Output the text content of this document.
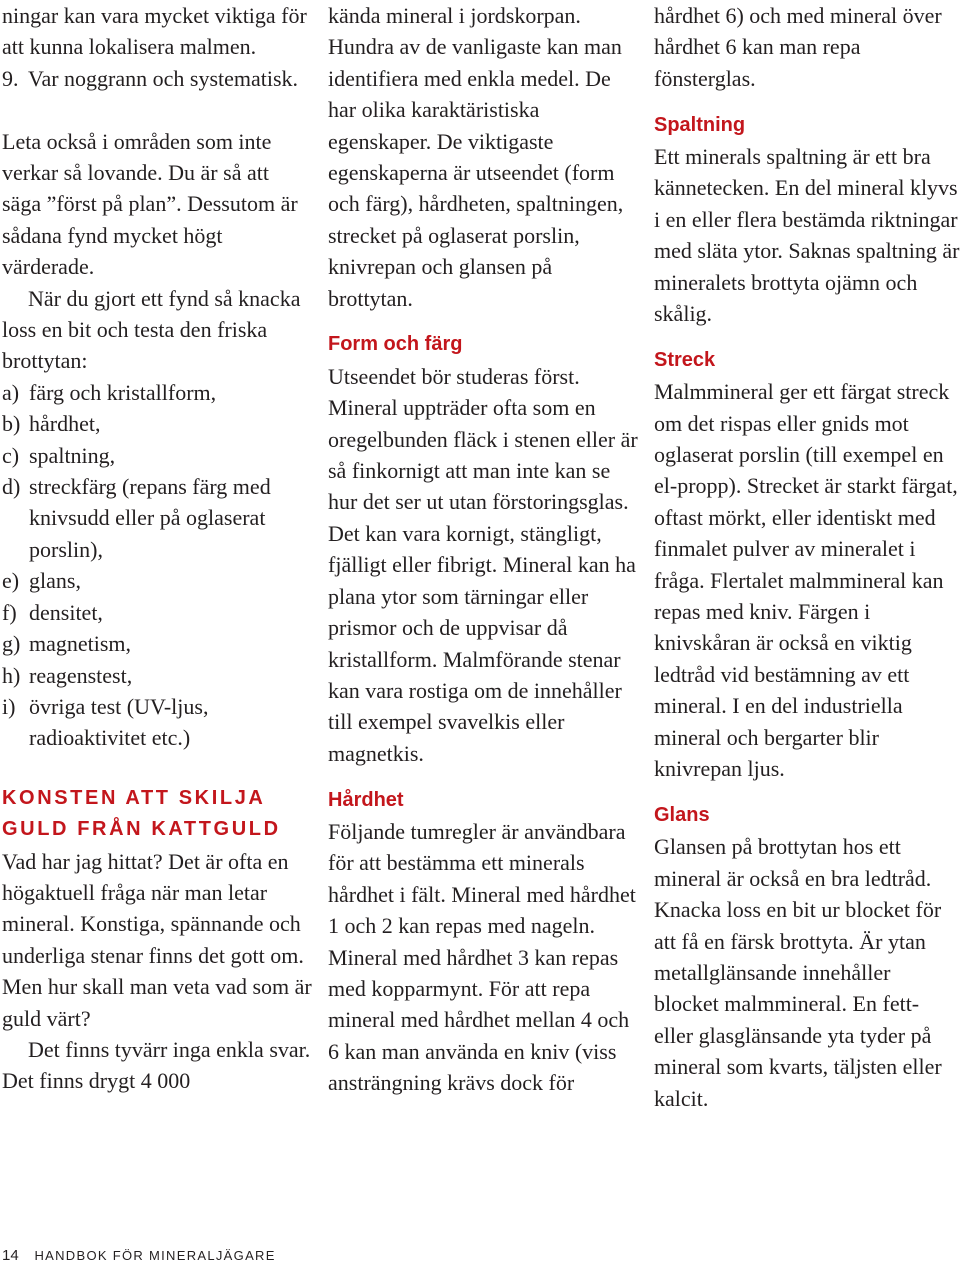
ningar kan vara mycket viktiga för att kunna lokalisera malmen.

9. Var noggrann och systematisk.

Leta också i områden som inte verkar så lovande. Du är så att säga ”först på plan”. Dessutom är sådana fynd mycket högt värderade.

När du gjort ett fynd så knacka loss en bit och testa den friska brottytan:

a) färg och kristallform,
b) hårdhet,
c) spaltning,
d) streckfärg (repans färg med knivsudd eller på oglaserat porslin),
e) glans,
f) densitet,
g) magnetism,
h) reagenstest,
i) övriga test (UV-ljus, radioaktivitet etc.)
KONSTEN ATT SKILJA GULD FRÅN KATTGULD

Vad har jag hittat? Det är ofta en högaktuell fråga när man letar mineral. Konstiga, spännande och underliga stenar finns det gott om. Men hur skall man veta vad som är guld värt?

Det finns tyvärr inga enkla svar. Det finns drygt 4 000

kända mineral i jordskorpan. Hundra av de vanligaste kan man identifiera med enkla medel. De har olika karaktäristiska egenskaper. De viktigaste egenskaperna är utseendet (form och färg), hårdheten, spaltningen, strecket på oglaserat porslin, knivrepan och glansen på brottytan.

Form och färg

Utseendet bör studeras först. Mineral uppträder ofta som en oregelbunden fläck i stenen eller är så finkornigt att man inte kan se hur det ser ut utan förstoringsglas. Det kan vara kornigt, stängligt, fjälligt eller fibrigt. Mineral kan ha plana ytor som tärningar eller prismor och de uppvisar då kristallform. Malmförande stenar kan vara rostiga om de innehåller till exempel svavelkis eller magnetkis.

Hårdhet

Följande tumregler är användbara för att bestämma ett minerals hårdhet i fält. Mineral med hårdhet 1 och 2 kan repas med nageln. Mineral med hårdhet 3 kan repas med kopparmynt. För att repa mineral med hårdhet mellan 4 och 6 kan man använda en kniv (viss ansträngning krävs dock för

hårdhet 6) och med mineral över hårdhet 6 kan man repa fönsterglas.

Spaltning

Ett minerals spaltning är ett bra kännetecken. En del mineral klyvs i en eller flera bestämda riktningar med släta ytor. Saknas spaltning är mineralets brottyta ojämn och skålig.

Streck

Malmmineral ger ett färgat streck om det rispas eller gnids mot oglaserat porslin (till exempel en el-propp). Strecket är starkt färgat, oftast mörkt, eller identiskt med finmalet pulver av mineralet i fråga. Flertalet malmmineral kan repas med kniv. Färgen i knivskåran är också en viktig ledtråd vid bestämning av ett mineral. I en del industriella mineral och bergarter blir knivrepan ljus.

Glans

Glansen på brottytan hos ett mineral är också en bra ledtråd. Knacka loss en bit ur blocket för att få en färsk brottyta. Är ytan metallglänsande innehåller blocket malmmineral. En fett- eller glasglänsande yta tyder på mineral som kvarts, täljsten eller kalcit.

14 HANDBOK FÖR MINERALJÄGARE
